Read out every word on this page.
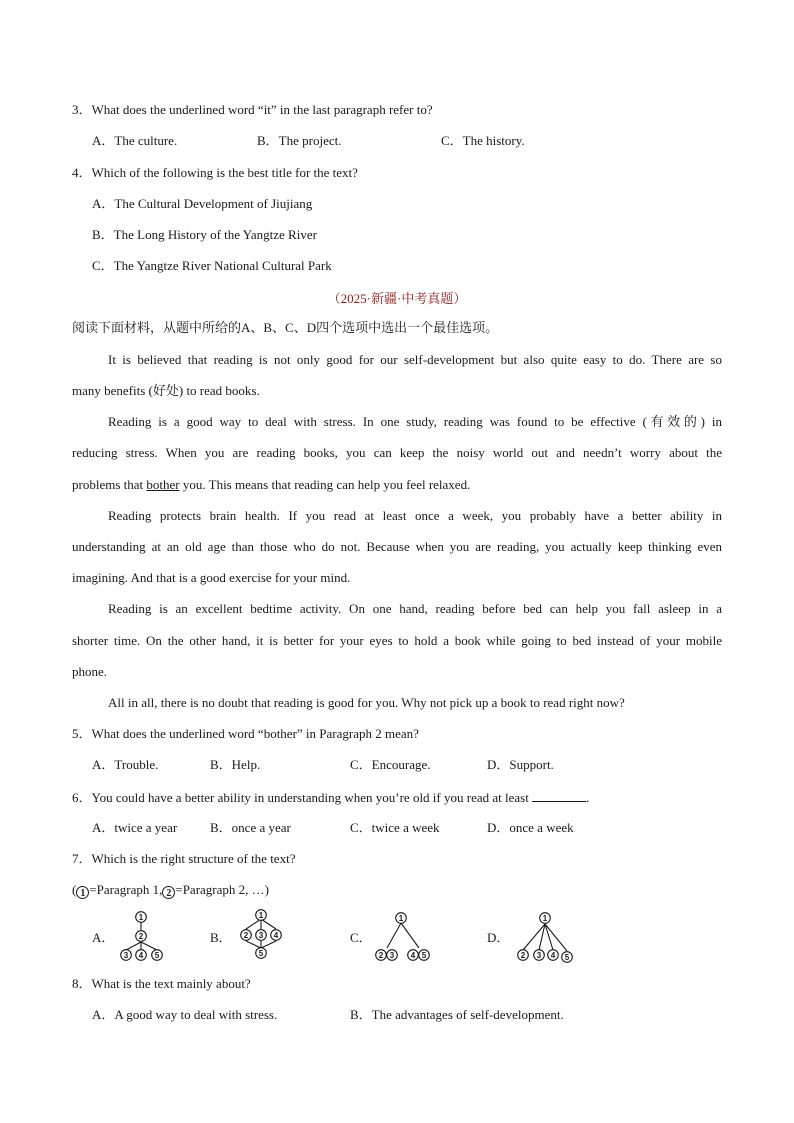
3．What does the underlined word “it” in the last paragraph refer to?
A．The culture.	B．The project.	C．The history.
4．Which of the following is the best title for the text?
A．The Cultural Development of Jiujiang
B．The Long History of the Yangtze River
C．The Yangtze River National Cultural Park
（2025·新疆·中考真题）
阅读下面材料，从题中所给的A、B、C、D四个选项中选出一个最佳选项。
It is believed that reading is not only good for our self-development but also quite easy to do. There are so
many benefits (好处) to read books.
Reading is a good way to deal with stress. In one study, reading was found to be effective (有效的) in
reducing stress. When you are reading books, you can keep the noisy world out and needn’t worry about the
problems that bother you. This means that reading can help you feel relaxed.
Reading protects brain health. If you read at least once a week, you probably have a better ability in
understanding at an old age than those who do not. Because when you are reading, you actually keep thinking even
imagining. And that is a good exercise for your mind.
Reading is an excellent bedtime activity. On one hand, reading before bed can help you fall asleep in a
shorter time. On the other hand, it is better for your eyes to hold a book while going to bed instead of your mobile
phone.
All in all, there is no doubt that reading is good for you. Why not pick up a book to read right now?
5．What does the underlined word “bother” in Paragraph 2 mean?
A．Trouble.	B．Help.	C．Encourage.	D．Support.
6．You could have a better ability in understanding when you’re old if you read at least	.
A．twice a year	B．once a year	C．twice a week	D．once a week
7．Which is the right structure of the text?
( 1 =Paragraph 1, 2 =Paragraph 2, …)
A．	B．	C．	D．
1
2
3 4 5
1
2 3 4
5
1
2 3 4 5
1
2 3 4 5
8．What is the text mainly about?
A．A good way to deal with stress.	B．The advantages of self-development.
